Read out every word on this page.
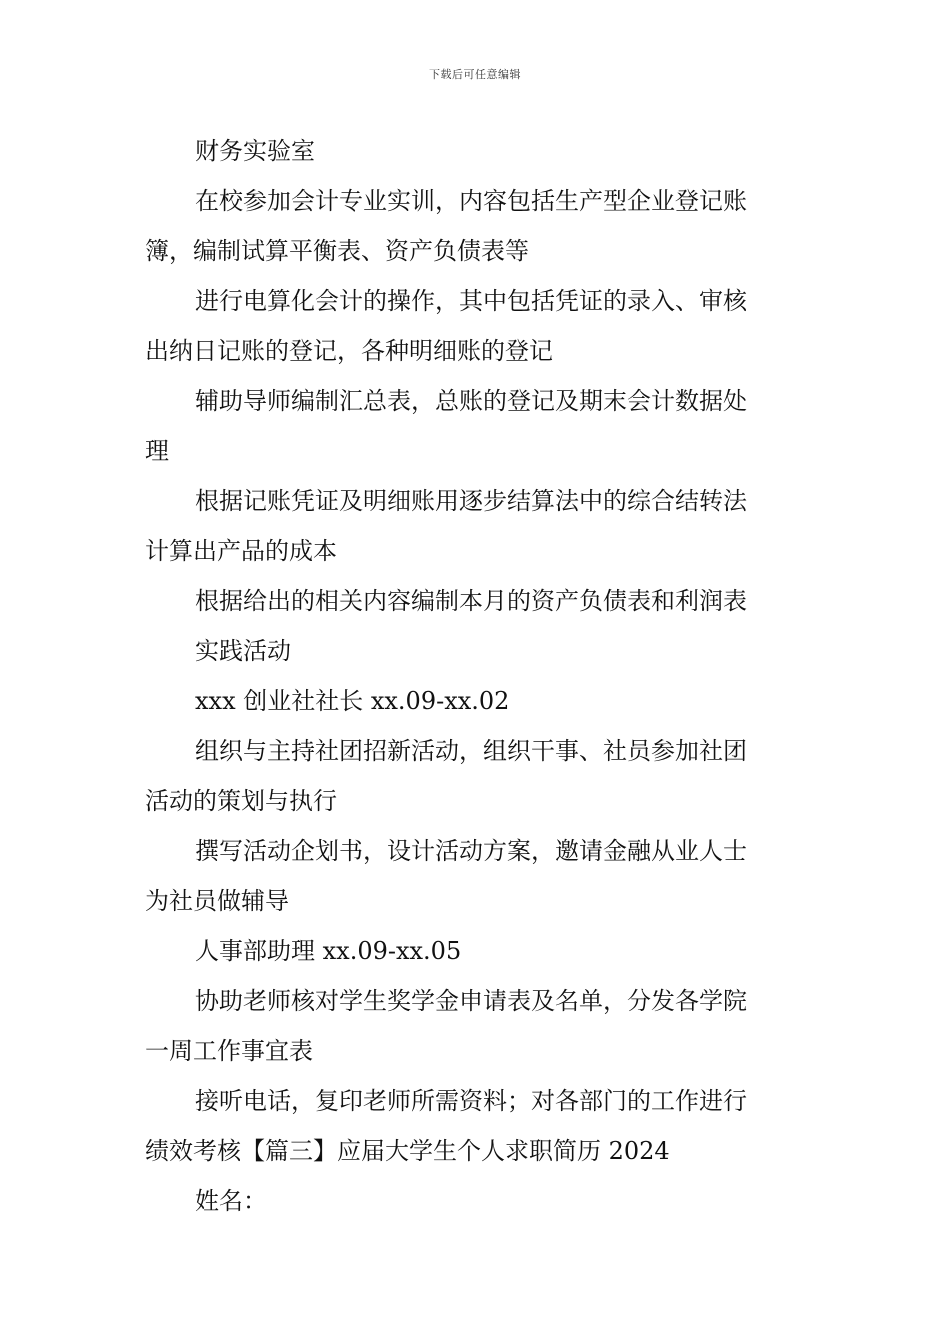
下载后可任意编辑
财务实验室
在校参加会计专业实训，内容包括生产型企业登记账
簿，编制试算平衡表、资产负债表等
进行电算化会计的操作，其中包括凭证的录入、审核
出纳日记账的登记，各种明细账的登记
辅助导师编制汇总表，总账的登记及期末会计数据处
理
根据记账凭证及明细账用逐步结算法中的综合结转法
计算出产品的成本
根据给出的相关内容编制本月的资产负债表和利润表
实践活动
xxx 创业社社长 xx.09-xx.02
组织与主持社团招新活动，组织干事、社员参加社团
活动的策划与执行
撰写活动企划书，设计活动方案，邀请金融从业人士
为社员做辅导
人事部助理 xx.09-xx.05
协助老师核对学生奖学金申请表及名单，分发各学院
一周工作事宜表
接听电话，复印老师所需资料；对各部门的工作进行
绩效考核【篇三】应届大学生个人求职简历 2024
姓名：
